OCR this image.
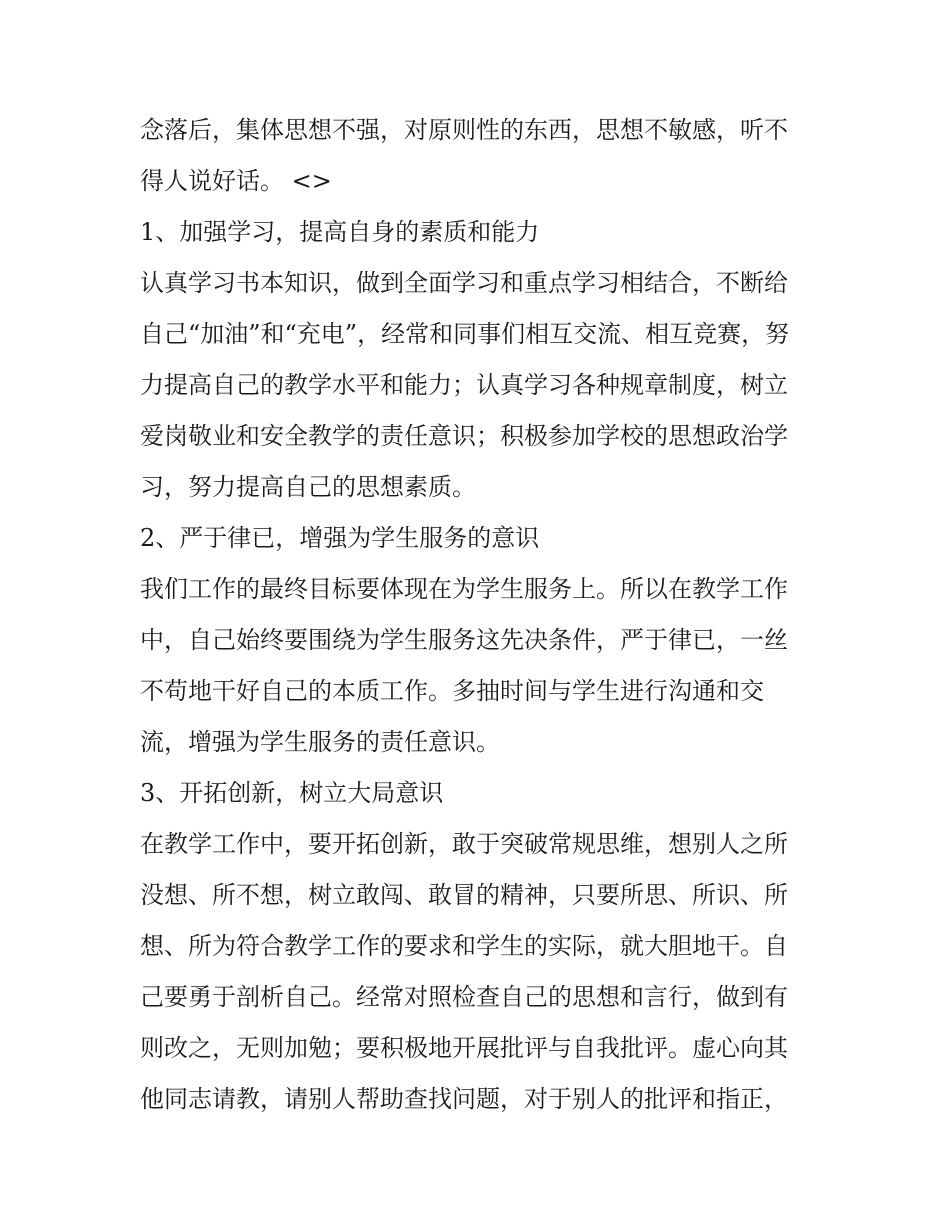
念落后，集体思想不强，对原则性的东西，思想不敏感，听不
得人说好话。 <>
1、加强学习，提高自身的素质和能力
认真学习书本知识，做到全面学习和重点学习相结合，不断给
自己“加油”和“充电”，经常和同事们相互交流、相互竞赛，努
力提高自己的教学水平和能力；认真学习各种规章制度，树立
爱岗敬业和安全教学的责任意识；积极参加学校的思想政治学
习，努力提高自己的思想素质。
2、严于律已，增强为学生服务的意识
我们工作的最终目标要体现在为学生服务上。所以在教学工作
中，自己始终要围绕为学生服务这先决条件，严于律已，一丝
不苟地干好自己的本质工作。多抽时间与学生进行沟通和交
流，增强为学生服务的责任意识。
3、开拓创新，树立大局意识
在教学工作中，要开拓创新，敢于突破常规思维，想别人之所
没想、所不想，树立敢闯、敢冒的精神，只要所思、所识、所
想、所为符合教学工作的要求和学生的实际，就大胆地干。自
己要勇于剖析自己。经常对照检查自己的思想和言行，做到有
则改之，无则加勉；要积极地开展批评与自我批评。虚心向其
他同志请教，请别人帮助查找问题，对于别人的批评和指正，
